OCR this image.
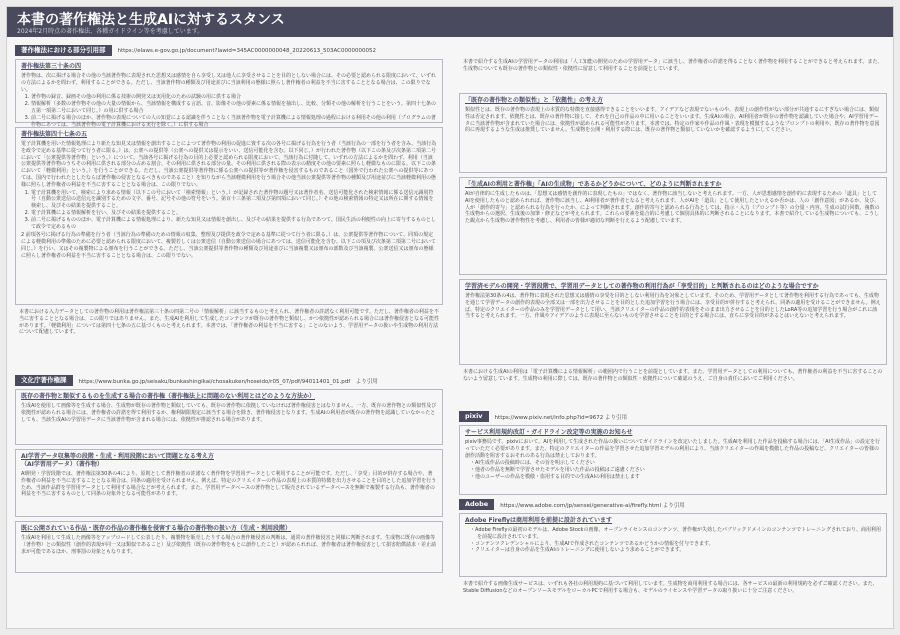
本書の著作権法と生成AIに対するスタンス
2024年2月時点の著作権法、各種ガイドライン等を考慮しています。
著作権法における部分引用部	https://elaws.e-gov.go.jp/document?lawid=345AC0000000048_20220613_503AC0000000052
著作権法第三十条の四
著作物は、次に掲げる場合その他の当該著作物に表現された思想又は感情を自ら享受し又は他人に享受させることを目的としない場合には、その必要と認められる限度において、いずれの方法によるかを問わず、利用することができる。ただし、当該著作物の種類及び用途並びに当該利用の態様に照らし著作権者の利益を不当に害することとなる場合は、この限りでない。
1. 著作物の録音、録画その他の利用に係る技術の開発又は実用化のための試験の用に供する場合
2. 情報解析（多数の著作物その他の大量の情報から、当該情報を構成する言語、音、影像その他の要素に係る情報を抽出し、比較、分類その他の解析を行うことをいう。第四十七条の五第一項第二号において同じ。）の用に供する場合
3. 前二号に掲げる場合のほか、著作物の表現についての人の知覚による認識を伴うことなく当該著作物を電子計算機による情報処理の過程における利用その他の利用（プログラムの著作物にあつては、当該著作物の電子計算機における実行を除く。）に供する場合
著作権法第四十七条の五
電子計算機を用いた情報処理により新たな知見又は情報を創出することによつて著作物の利用の促進に資する次の各号に掲げる行為を行う者（当該行為の一部を行う者を含み、当該行為を政令で定める基準に従つて行う者に限る。）は、公衆への提供等（公衆への提供又は提示をいい、送信可能化を含む。以下同じ。）が行われた著作物（以下この条及び次条第二項第二号において「公衆提供等著作物」という。）について、当該各号に掲げる行為の目的上必要と認められる限度において、当該行為に付随して、いずれの方法によるかを問わず、利用（当該公衆提供等著作物のうちその利用に供される部分の占める割合、その利用に供される部分の量、その利用に供される際の表示の精度その他の要素に照らし軽微なものに限る。以下この条において「軽微利用」という。）を行うことができる。ただし、当該公衆提供等著作物に係る公衆への提供等が著作権を侵害するものであること（国外で行われた公衆への提供等にあつては、国内で行われたとしたならば著作権の侵害となるべきものであること）を知りながら当該軽微利用を行う場合その他当該公衆提供等著作物の種類及び用途並びに当該軽微利用の態様に照らし著作権者の利益を不当に害することとなる場合は、この限りでない。
1. 電子計算機を用いて、検索により求める情報（以下この号において「検索情報」という。）が記録された著作物の題号又は著作者名、送信可能化された検索情報に係る送信元識別符号（自動公衆送信の送信元を識別するための文字、番号、記号その他の符号をいう。第百十三条第二項及び第四項において同じ。）その他の検索情報の特定又は所在に関する情報を検索し、及びその結果を提供すること。
2. 電子計算機による情報解析を行い、及びその結果を提供すること。
3. 前二号に掲げるもののほか、電子計算機による情報処理により、新たな知見又は情報を創出し、及びその結果を提供する行為であつて、国民生活の利便性の向上に寄与するものとして政令で定めるもの
2 前項各号に掲げる行為の準備を行う者（当該行為の準備のための情報の収集、整理及び提供を政令で定める基準に従つて行う者に限る。）は、公衆提供等著作物について、同項の規定による軽微利用の準備のために必要と認められる限度において、複製若しくは公衆送信（自動公衆送信の場合にあつては、送信可能化を含む。以下この項及び次条第二項第二号において同じ。）を行い、又はその複製物による頒布を行うことができる。ただし、当該公衆提供等著作物の種類及び用途並びに当該複製又は頒布の部数及び当該複製、公衆送信又は頒布の態様に照らし著作権者の利益を不当に害することとなる場合は、この限りでない。
本書における入力データとしての著作物の利用は著作権法第三十条の四第二号の「情報解析」に該当するものと考えられ、著作権者の許諾なく利用可能です。ただし、著作権者の利益を不当に害することとなる場合は、この限りではありません。また、生成AIを利用して生成したコンテンツが既存の著作物と類似し、かつ依拠性が認められる場合には著作権侵害となる可能性があります。「軽微利用」については第四十七条の五に基づくものと考えられます。本書では、「著作権者の利益を不当に害する」ことのないよう、学習用データの扱いや生成物の利用方法について配慮しています。
文化庁著作権課	https://www.bunka.go.jp/seisaku/bunkashingikai/chosakuken/hoseido/r05_07/pdf/94011401_01.pdf　より引用
既存の著作物と類似するものを生成する場合の著作権（著作権法上に問題のない利用とはどのような方法か）
生成AIを使用して画像等を生成する場合、生成物が既存の著作物と類似していても、既存の著作物に依拠していなければ著作権侵害とはなりません。一方、既存の著作物との類似性及び依拠性が認められる場合には、著作権者の許諾を得て利用するか、権利制限規定に該当する場合を除き、著作権侵害となります。生成AIの利用者が既存の著作物を認識していなかったとしても、当該生成AIの学習用データに当該著作物が含まれる場合には、依拠性が推認される場合があります。
AI学習データ収集等の段階・生成・利用段階において問題となる考え方
（AI学習用データ）（著作物）
AI開発・学習段階では、著作権法第30条の4により、原則として著作権者の許諾なく著作物を学習用データとして利用することが可能です。ただし、「享受」目的が併存する場合や、著作権者の利益を不当に害することとなる場合は、同条の適用を受けられません。例えば、特定のクリエイターの作品の表現上の本質的特徴を出力させることを目的とした追加学習を行うため、当該作品群を学習用データとして利用する場合などが考えられます。また、学習用データベースの著作物として販売されているデータベースを無断で複製する行為も、著作権者の利益を不当に害するものとして同条の対象外となる可能性があります。
既に公開されている作品・既存の作品の著作権を侵害する場合の著作物の扱い方（生成・利用段階）
生成AIを利用して生成した画像等をアップロードして公表したり、複製物を販売したりする場合の著作権侵害の判断は、通常の著作権侵害と同様に判断されます。生成物に既存の画像等（著作物）との類似性（創作的表現が同一又は類似であること）及び依拠性（既存の著作物をもとに創作したこと）が認められれば、著作権者は著作権侵害として損害賠償請求・差止請求が可能であるほか、刑事罰の対象ともなります。
本書で紹介する生成AIの学習用データの利用は「人工知能の開発のための学習用データ」に該当し、著作権者の許諾を得ることなく著作物を利用することができると考えられます。また、生成物についても既存の著作物との類似性・依拠性に留意して利用することを前提としています。
「既存の著作物との類似性」と「依拠性」の考え方
類似性とは、既存の著作物の表現上の本質的な特徴を直接感得できることをいいます。アイデアなど表現でないものや、表現上の創作性がない部分が共通するにすぎない場合には、類似性は否定されます。依拠性とは、既存の著作物に接して、それを自己の作品の中に用いることをいいます。生成AIの場合、AI利用者が既存の著作物を認識していた場合や、AI学習用データに当該著作物が含まれていた場合には、依拠性が認められる可能性があります。本書では、特定の作家や作品の作風・表現を模倣するようなプロンプトの利用や、既存の著作物を意図的に再現するような生成は推奨していません。生成物を公開・利用する際には、既存の著作物と類似していないかを確認するようにしてください。
「生成AIの利用と著作権」「AIの生成物」であるかどうかについて、どのように判断されますか
AIが自律的に生成したものは、「思想又は感情を創作的に表現したもの」ではなく、著作物に該当しないと考えられます。一方、人が思想感情を創作的に表現するための「道具」としてAIを使用したものと認められれば、著作物に該当し、AI利用者が著作者となると考えられます。人がAIを「道具」として使用したといえるか否かは、人の「創作意図」があるか、及び、人が「創作的寄与」と認められる行為を行ったか、によって判断されます。創作的寄与と認められる行為としては、指示・入力（プロンプト等）の分量・内容、生成の試行回数、複数の生成物からの選択、生成後の加筆・修正などが考えられます。これらの要素を総合的に考慮して個別具体的に判断されることになります。本書で紹介している生成物についても、こうした観点から生成物の著作物性を考慮し、利用者の皆様が適切な判断を行えるよう配慮しています。
学習済モデルの開発・学習段階で、学習用データとしての著作物の利用行為が「享受目的」と判断されるのはどのような場合ですか
著作権法第30条の4は、著作物に表現された思想又は感情の享受を目的としない利用行為を対象としています。そのため、学習用データとして著作物を利用する行為であっても、生成物を通じて学習データの創作的表現の全部又は一部を出力させることを目的とした追加学習を行う場合には、享受目的が併存すると考えられ、同条の適用を受けることができません。例えば、特定のクリエイターの作品のみを学習用データとして用い、当該クリエイターの作品の創作的表現をそのまま出力させることを目的としたLoRA等の追加学習を行う場合がこれに該当すると考えられます。一方、作風やアイデアのように表現に至らないものを学習させることを目的とする場合には、直ちに享受目的があるとはいえないと考えられます。
本書における生成AIの利用は「電子計算機による情報解析」の範囲内で行うことを前提としています。また、学習用データとしての利用についても、著作権者の利益を不当に害することのないよう留意しています。生成物の利用に際しては、既存の著作物との類似性・依拠性について確認のうえ、ご自身の責任においてご利用ください。
pixiv	https://www.pixiv.net/info.php?id=9672 より引用
サービス利用規約改訂・ガイドライン改定等の実施のお知らせ
pixiv事務局です。pixivにおいて、AIを利用して生成された作品の扱いについてガイドラインを改定いたしました。生成AIを利用した作品を投稿する場合には、「AI生成作品」の設定を行っていただく必要があります。また、特定のクリエイターの作品を学習させた追加学習モデルの利用により、当該クリエイターの作風を模倣した作品の投稿など、クリエイターの皆様の創作活動を阻害するおそれのある行為は禁止しております。
・ AI生成作品の投稿時には、その旨を明示してください
・ 他者の作品を無断で学習させたモデルを用いた作品の投稿はご遠慮ください
・ 他のユーザーの作品を模倣・盗用する目的での生成AIの利用は禁止します
Adobe	https://www.adobe.com/jp/sensei/generative-ai/firefly.html より引用
Adobe Fireflyは商用利用を前提に設計されています
・ Adobe Fireflyの最初のモデルは、Adobe Stockの画像、オープンライセンスのコンテンツ、著作権が失効したパブリックドメインのコンテンツでトレーニングされており、商用利用を前提に設計されています。
・ コンテンツクレデンシャルにより、生成AIで作成されたコンテンツであるかどうかの情報を付与できます。
・ クリエイターは自身の作品を生成AIのトレーニングに使用しないよう求めることができます。
本書で紹介する画像生成サービスは、いずれも各社の利用規約に基づいて利用しています。生成物を商用利用する場合には、各サービスの最新の利用規約を必ずご確認ください。また、Stable DiffusionなどのオープンソースモデルをローカルPCで利用する場合も、モデルのライセンスや学習データの取り扱いに十分ご注意ください。
